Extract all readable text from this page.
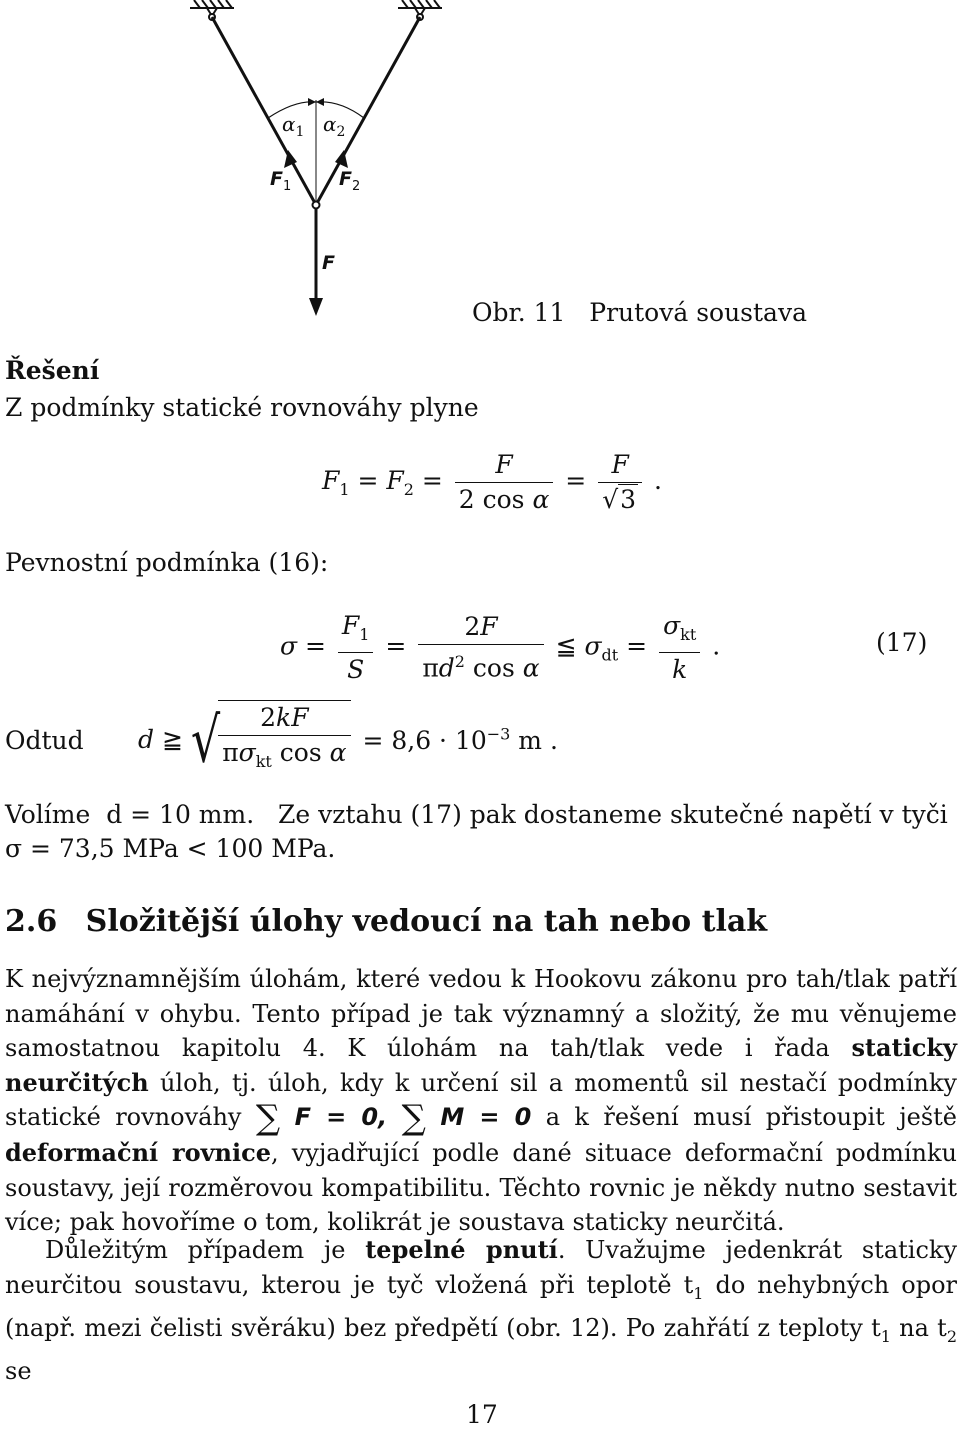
$\alpha_1$ $\alpha_2$
$F_1$	$F_2$
F
Obr. 11   Prutová soustava
Řešení
Z podmínky statické rovnováhy plyne
$F_1 = F_2 = \frac{F}{\text{2 cos α}} = \frac{F}{√3}$ .
Pevnostní podmínka (16):
$\sigma = \frac{F_1}{S} = \frac{2F}{\pi d^2 \cos \alpha}$ ≦ $\sigma_{dt} = \frac{\sigma_{kt}}{k}$ .	(17)
Odtud d ≧ √
$\frac{2kF}{\pi\sigma_{kt} \cos \alpha} = 8,6 \cdot 10^{-3}$ m .
Volíme  d = 10 mm.   Ze vztahu (17) pak dostaneme skutečné napětí v tyči
σ = 73,5 MPa < 100 MPa.
2.6 Složitější úlohy vedoucí na tah nebo tlak

K nejvýznamnějším úlohám, které vedou k Hookovu zákonu pro tah/tlak patří namáhání v ohybu. Tento případ je tak významný a složitý, že mu věnujeme samostatnou kapitolu 4. K úlohám na tah/tlak vede i řada staticky neurčitých úloh, tj. úloh, kdy k určení sil a momentů sil nestačí podmínky statické rovnováhy ∑ F = 0, ∑ M = 0 a k řešení musí přistoupit ještě deformační rovnice, vyjadřující podle dané situace deformační podmínku soustavy, její rozměrovou kompatibilitu. Těchto rovnic je někdy nutno sestavit více; pak hovoříme o tom, kolikrát je soustava staticky neurčitá.

Důležitým případem je tepelné pnutí. Uvažujme jedenkrát staticky neurčitou soustavu, kterou je tyč vložená při teplotě $t_1$ do nehybných opor (např. mezi čelisti svěráku) bez předpětí (obr. 12). Po zahřátí z teploty $t_1$ na $t_2$ se

17
